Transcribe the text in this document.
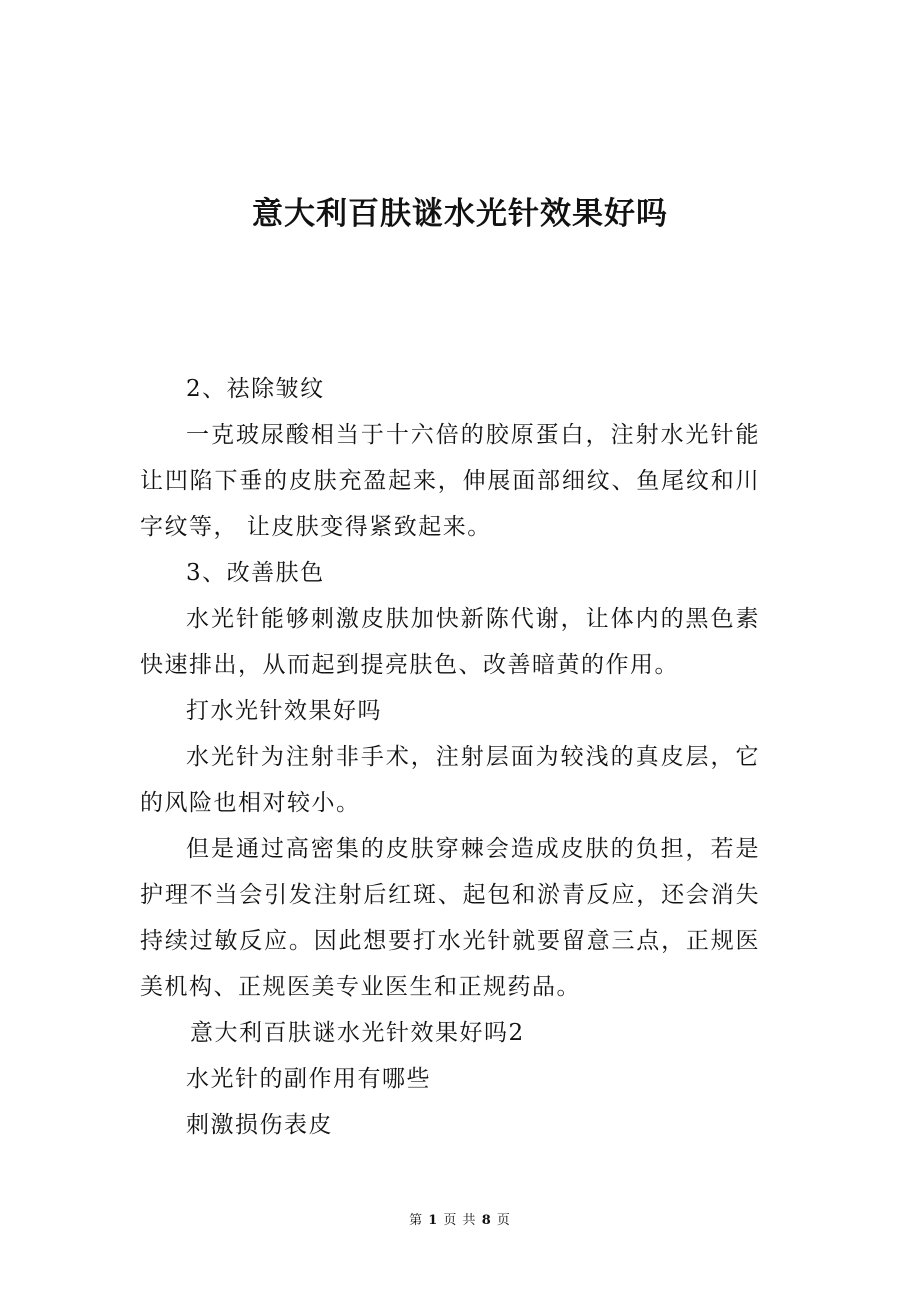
意大利百肤谜水光针效果好吗

2、祛除皱纹

一克玻尿酸相当于十六倍的胶原蛋白，注射水光针能让凹陷下垂的皮肤充盈起来，伸展面部细纹、鱼尾纹和川字纹等， 让皮肤变得紧致起来。

3、改善肤色

水光针能够刺激皮肤加快新陈代谢，让体内的黑色素快速排出，从而起到提亮肤色、改善暗黄的作用。

打水光针效果好吗

水光针为注射非手术，注射层面为较浅的真皮层，它的风险也相对较小。

但是通过高密集的皮肤穿棘会造成皮肤的负担，若是护理不当会引发注射后红斑、起包和淤青反应，还会消失持续过敏反应。因此想要打水光针就要留意三点，正规医美机构、正规医美专业医生和正规药品。

意大利百肤谜水光针效果好吗2

水光针的副作用有哪些

刺激损伤表皮

第 1 页 共 8 页
